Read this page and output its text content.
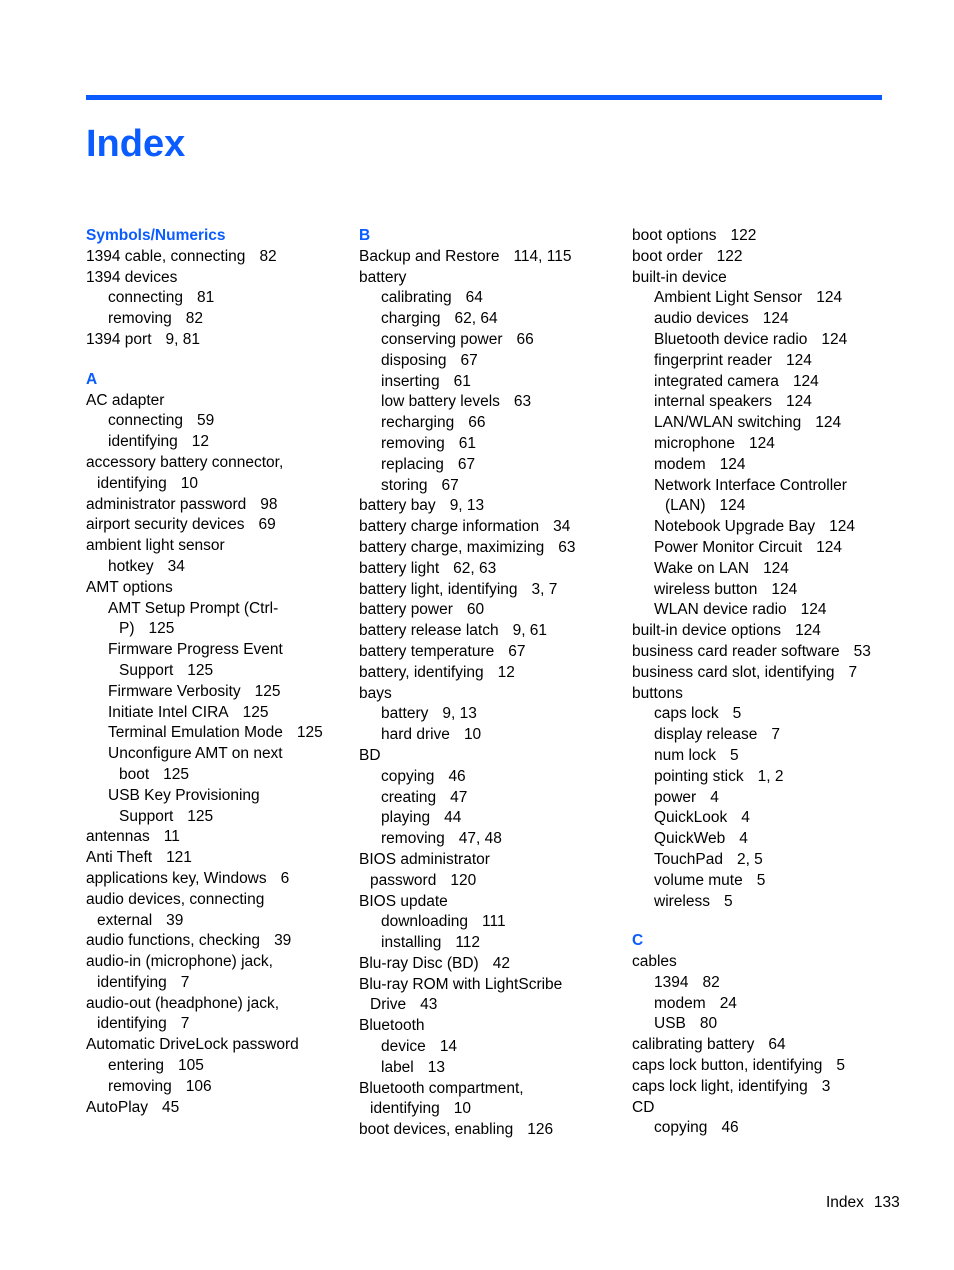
Index
Symbols/Numerics
1394 cable, connecting 82
1394 devices
connecting 81
removing 82
1394 port 9, 81
A
AC adapter
connecting 59
identifying 12
accessory battery connector,
identifying 10
administrator password 98
airport security devices 69
ambient light sensor
hotkey 34
AMT options
AMT Setup Prompt (Ctrl-
P) 125
Firmware Progress Event
Support 125
Firmware Verbosity 125
Initiate Intel CIRA 125
Terminal Emulation Mode 125
Unconfigure AMT on next
boot 125
USB Key Provisioning
Support 125
antennas 11
Anti Theft 121
applications key, Windows 6
audio devices, connecting
external 39
audio functions, checking 39
audio-in (microphone) jack,
identifying 7
audio-out (headphone) jack,
identifying 7
Automatic DriveLock password
entering 105
removing 106
AutoPlay 45
B
Backup and Restore 114, 115
battery
calibrating 64
charging 62, 64
conserving power 66
disposing 67
inserting 61
low battery levels 63
recharging 66
removing 61
replacing 67
storing 67
battery bay 9, 13
battery charge information 34
battery charge, maximizing 63
battery light 62, 63
battery light, identifying 3, 7
battery power 60
battery release latch 9, 61
battery temperature 67
battery, identifying 12
bays
battery 9, 13
hard drive 10
BD
copying 46
creating 47
playing 44
removing 47, 48
BIOS administrator
password 120
BIOS update
downloading 111
installing 112
Blu-ray Disc (BD) 42
Blu-ray ROM with LightScribe
Drive 43
Bluetooth
device 14
label 13
Bluetooth compartment,
identifying 10
boot devices, enabling 126
boot options 122
boot order 122
built-in device
Ambient Light Sensor 124
audio devices 124
Bluetooth device radio 124
fingerprint reader 124
integrated camera 124
internal speakers 124
LAN/WLAN switching 124
microphone 124
modem 124
Network Interface Controller
(LAN) 124
Notebook Upgrade Bay 124
Power Monitor Circuit 124
Wake on LAN 124
wireless button 124
WLAN device radio 124
built-in device options 124
business card reader software 53
business card slot, identifying 7
buttons
caps lock 5
display release 7
num lock 5
pointing stick 1, 2
power 4
QuickLook 4
QuickWeb 4
TouchPad 2, 5
volume mute 5
wireless 5
C
cables
1394 82
modem 24
USB 80
calibrating battery 64
caps lock button, identifying 5
caps lock light, identifying 3
CD
copying 46
Index 133
